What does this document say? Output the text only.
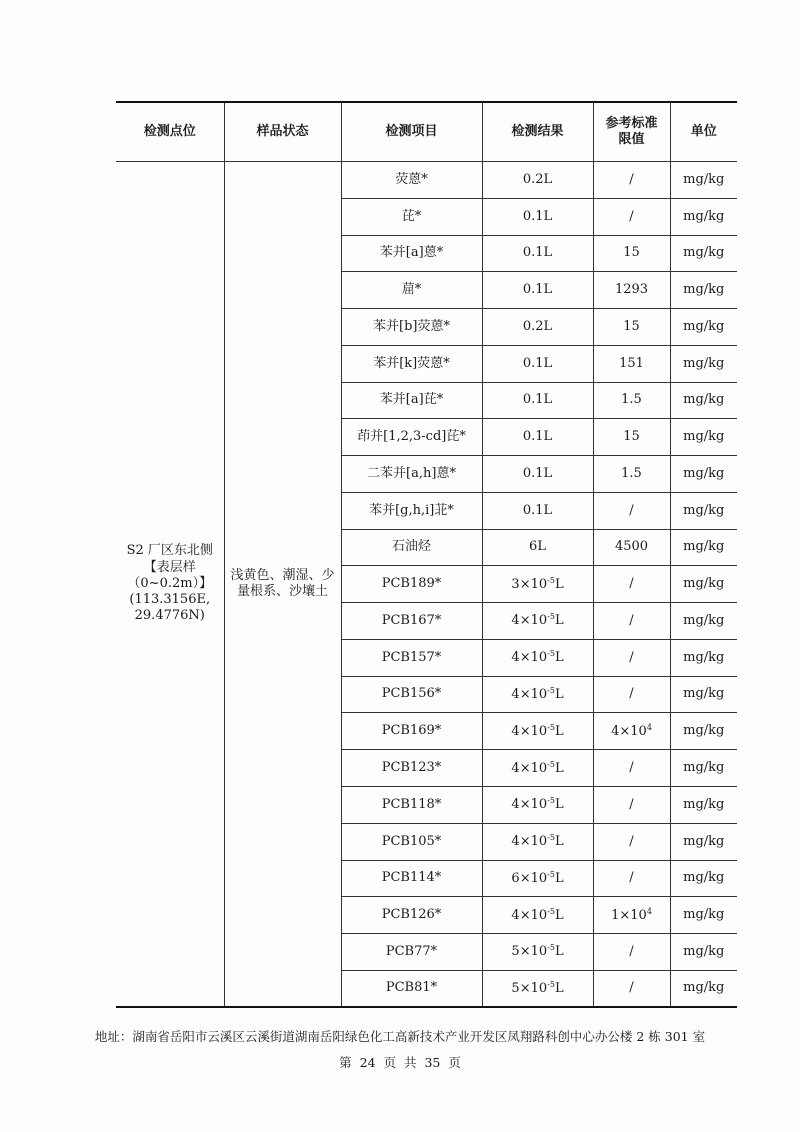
检测点位	样品状态	检测项目	检测结果	参考标准限值	单位

S2 厂区东北侧
【表层样
（0~0.2m）】
(113.3156E,
29.4776N)	浅黄色、潮湿、少量根系、沙壤土	荧蒽*	0.2L	/	mg/kg
		芘*	0.1L	/	mg/kg
		苯并[a]蒽*	0.1L	15	mg/kg
		䓛*	0.1L	1293	mg/kg
		苯并[b]荧蒽*	0.2L	15	mg/kg
		苯并[k]荧蒽*	0.1L	151	mg/kg
		苯并[a]芘*	0.1L	1.5	mg/kg
		茚并[1,2,3-cd]芘*	0.1L	15	mg/kg
		二苯并[a,h]蒽*	0.1L	1.5	mg/kg
		苯并[g,h,i]苝*	0.1L	/	mg/kg
		石油烃	6L	4500	mg/kg
		PCB189*	$3\times 10^{-5}L$	/	mg/kg
		PCB167*	$4\times 10^{-5}L$	/	mg/kg
		PCB157*	$4\times 10^{-5}L$	/	mg/kg
		PCB156*	$4\times 10^{-5}L$	/	mg/kg
		PCB169*	$4\times 10^{-5}L$	$4\times 10^4$	mg/kg
		PCB123*	$4\times 10^{-5}L$	/	mg/kg
		PCB118*	$4\times 10^{-5}L$	/	mg/kg
		PCB105*	$4\times 10^{-5}L$	/	mg/kg
		PCB114*	$6\times 10^{-5}L$	/	mg/kg
		PCB126*	$4\times 10^{-5}L$	$1\times 10^4$	mg/kg
		PCB77*	$5\times 10^{-5}L$	/	mg/kg
		PCB81*	$5\times 10^{-5}L$	/	mg/kg
地址：湖南省岳阳市云溪区云溪街道湖南岳阳绿色化工高新技术产业开发区凤翔路科创中心办公楼 2 栋 301 室
第 24 页 共 35 页
